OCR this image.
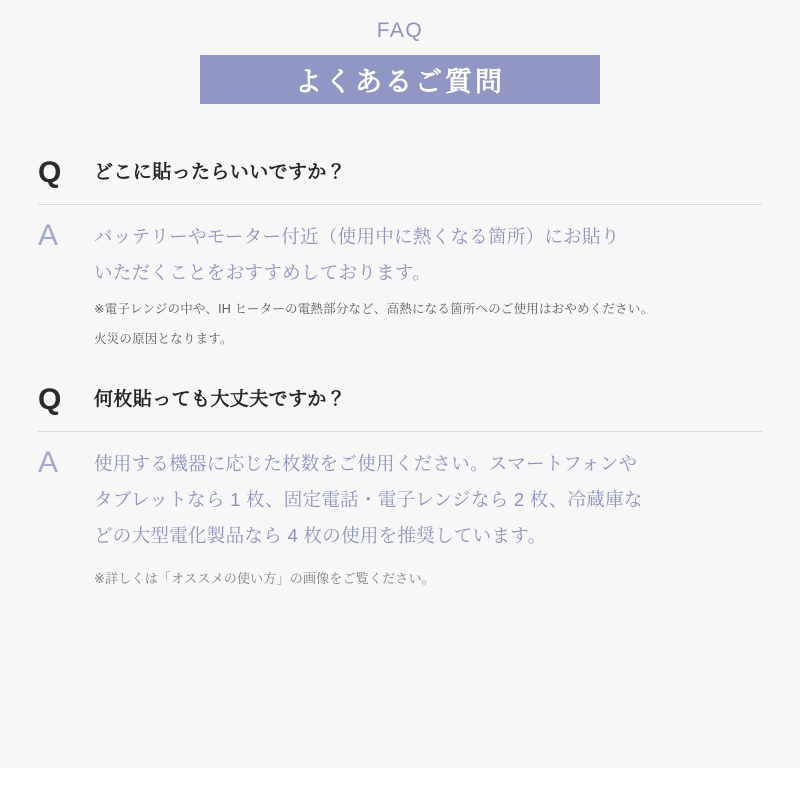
FAQ
よくあるご質問
Q	どこに貼ったらいいですか？
A	バッテリーやモーター付近（使用中に熱くなる箇所）にお貼り
いただくことをおすすめしております。
※電子レンジの中や、IH ヒーターの電熱部分など、高熱になる箇所へのご使用はおやめください。
火災の原因となります。
Q	何枚貼っても大丈夫ですか？
A	使用する機器に応じた枚数をご使用ください。スマートフォンや
タブレットなら 1 枚、固定電話・電子レンジなら 2 枚、冷蔵庫な
どの大型電化製品なら 4 枚の使用を推奨しています。
※詳しくは「オススメの使い方」の画像をご覧ください。
